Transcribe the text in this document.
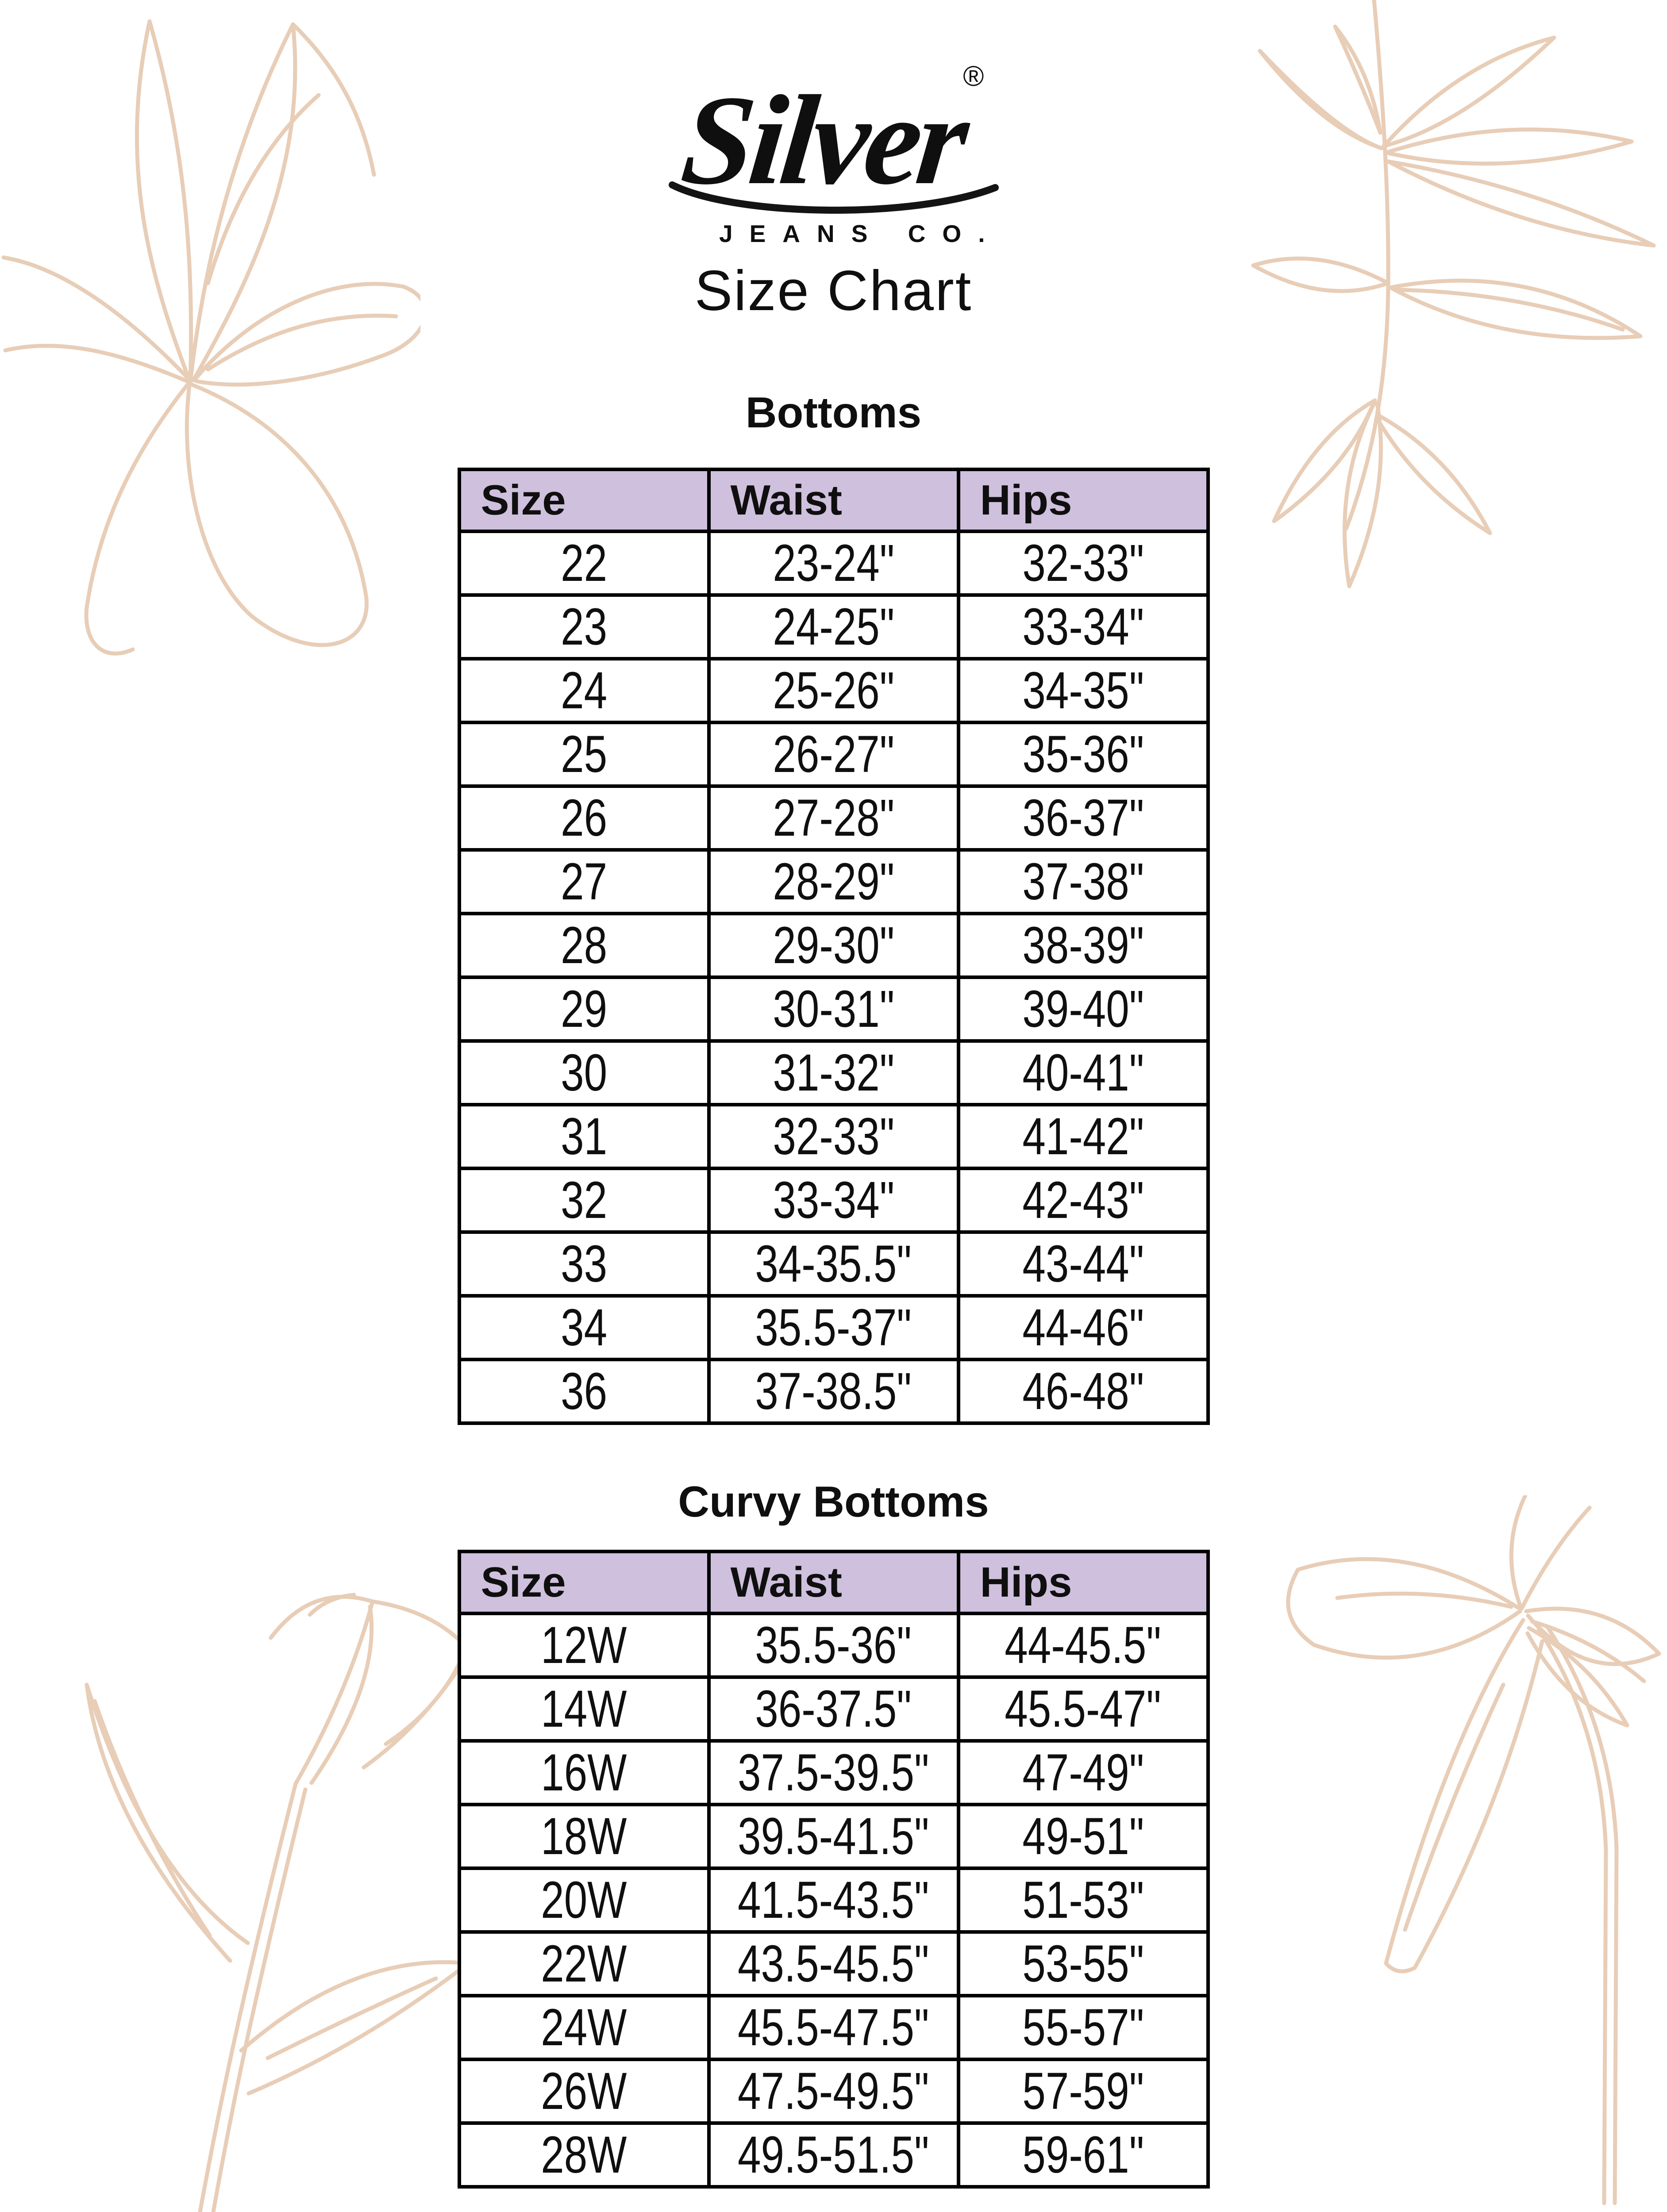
Silver®
JEANS CO.
Size Chart
Bottoms
Size	Waist	Hips
22	23-24"	32-33"
23	24-25"	33-34"
24	25-26"	34-35"
25	26-27"	35-36"
26	27-28"	36-37"
27	28-29"	37-38"
28	29-30"	38-39"
29	30-31"	39-40"
30	31-32"	40-41"
31	32-33"	41-42"
32	33-34"	42-43"
33	34-35.5"	43-44"
34	35.5-37"	44-46"
36	37-38.5"	46-48"
Curvy Bottoms
Size	Waist	Hips
12W	35.5-36"	44-45.5"
14W	36-37.5"	45.5-47"
16W	37.5-39.5"	47-49"
18W	39.5-41.5"	49-51"
20W	41.5-43.5"	51-53"
22W	43.5-45.5"	53-55"
24W	45.5-47.5"	55-57"
26W	47.5-49.5"	57-59"
28W	49.5-51.5"	59-61"
